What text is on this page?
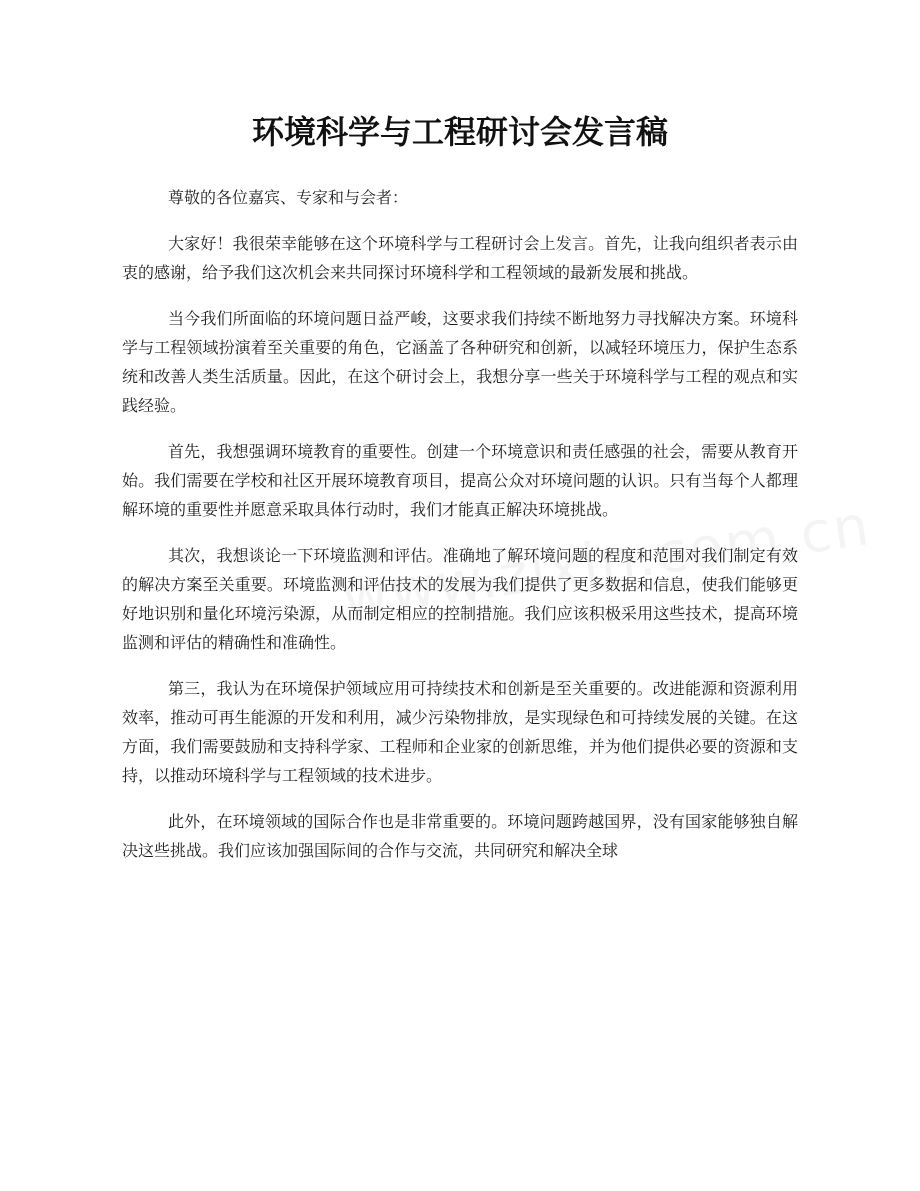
环境科学与工程研讨会发言稿

尊敬的各位嘉宾、专家和与会者：

大家好！我很荣幸能够在这个环境科学与工程研讨会上发言。首先，让我向组织者表示由衷的感谢，给予我们这次机会来共同探讨环境科学和工程领域的最新发展和挑战。

当今我们所面临的环境问题日益严峻，这要求我们持续不断地努力寻找解决方案。环境科学与工程领域扮演着至关重要的角色，它涵盖了各种研究和创新，以减轻环境压力，保护生态系统和改善人类生活质量。因此，在这个研讨会上，我想分享一些关于环境科学与工程的观点和实践经验。

首先，我想强调环境教育的重要性。创建一个环境意识和责任感强的社会，需要从教育开始。我们需要在学校和社区开展环境教育项目，提高公众对环境问题的认识。只有当每个人都理解环境的重要性并愿意采取具体行动时，我们才能真正解决环境挑战。

其次，我想谈论一下环境监测和评估。准确地了解环境问题的程度和范围对我们制定有效的解决方案至关重要。环境监测和评估技术的发展为我们提供了更多数据和信息，使我们能够更好地识别和量化环境污染源，从而制定相应的控制措施。我们应该积极采用这些技术，提高环境监测和评估的精确性和准确性。

第三，我认为在环境保护领域应用可持续技术和创新是至关重要的。改进能源和资源利用效率，推动可再生能源的开发和利用，减少污染物排放，是实现绿色和可持续发展的关键。在这方面，我们需要鼓励和支持科学家、工程师和企业家的创新思维，并为他们提供必要的资源和支持，以推动环境科学与工程领域的技术进步。

此外，在环境领域的国际合作也是非常重要的。环境问题跨越国界，没有国家能够独自解决这些挑战。我们应该加强国际间的合作与交流，共同研究和解决全球
